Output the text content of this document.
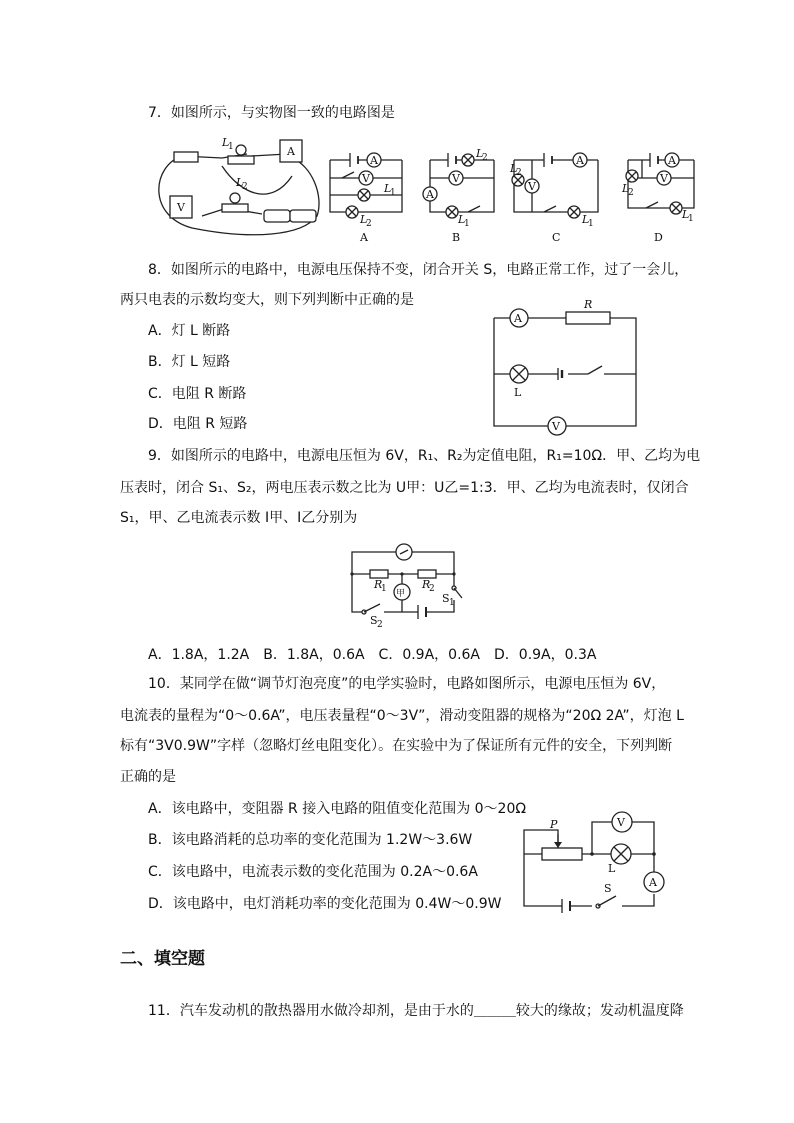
7．如图所示，与实物图一致的电路图是
L
1	A
V
L
2
A
V
L
1
L
2
A
L
2
A
V
L
1
B
A
L
2
V
L
1
C
A
L
2
V
L
1
D
8．如图所示的电路中，电源电压保持不变，闭合开关 S，电路正常工作，过了一会儿，
两只电表的示数均变大，则下列判断中正确的是
A．灯 L 断路
B．灯 L 短路
C．电阻 R 断路
D．电阻 R 短路
A
R
L
V
9．如图所示的电路中，电源电压恒为 6V，R₁、R₂为定值电阻，R₁=10Ω．甲、乙均为电
压表时，闭合 S₁、S₂，两电压表示数之比为 U甲：U乙=1:3．甲、乙均为电流表时，仅闭合
S₁，甲、乙电流表示数 I甲、I乙分别为
R
1	R
2
甲	S 1
S 2
A．1.8A，1.2A　B．1.8A，0.6A　C．0.9A，0.6A　D．0.9A，0.3A
10．某同学在做“调节灯泡亮度”的电学实验时，电路如图所示，电源电压恒为 6V，
电流表的量程为“0～0.6A”，电压表量程“0～3V”，滑动变阻器的规格为“20Ω 2A”，灯泡 L
标有“3V0.9W”字样（忽略灯丝电阻变化）。在实验中为了保证所有元件的安全，下列判断
正确的是
A．该电路中，变阻器 R 接入电路的阻值变化范围为 0～20Ω
B．该电路消耗的总功率的变化范围为 1.2W～3.6W
C．该电路中，电流表示数的变化范围为 0.2A～0.6A
D．该电路中，电灯消耗功率的变化范围为 0.4W～0.9W
P
L
V
A
S
二、填空题
11．汽车发动机的散热器用水做冷却剂，是由于水的＿＿＿较大的缘故；发动机温度降
